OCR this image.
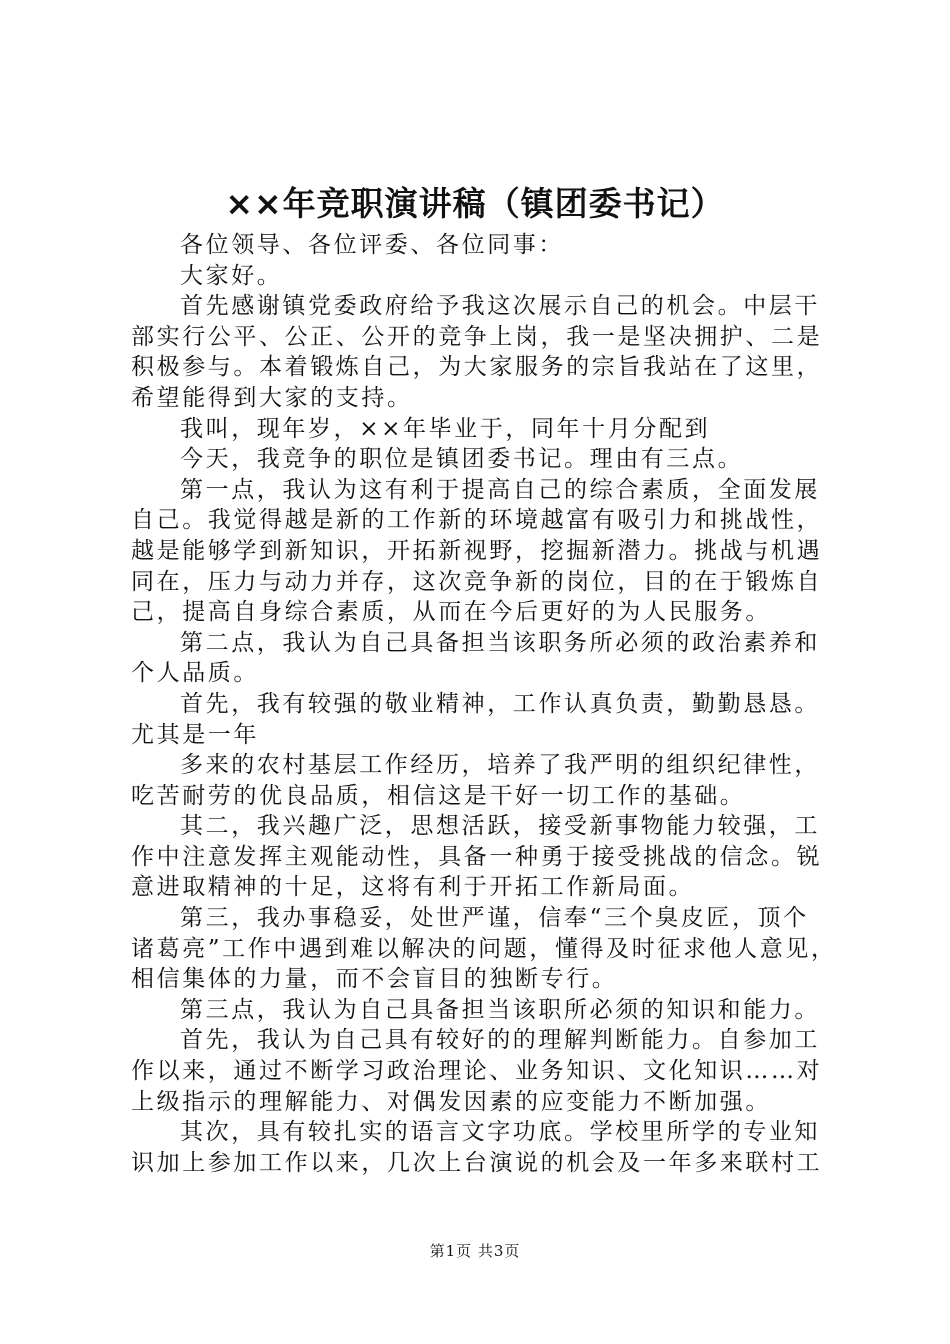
××年竞职演讲稿（镇团委书记）
各位领导、各位评委、各位同事：
大家好。
首先感谢镇党委政府给予我这次展示自己的机会。中层干
部实行公平、公正、公开的竞争上岗，我一是坚决拥护、二是
积极参与。本着锻炼自己，为大家服务的宗旨我站在了这里，
希望能得到大家的支持。
我叫，现年岁，××年毕业于，同年十月分配到
今天，我竞争的职位是镇团委书记。理由有三点。
第一点，我认为这有利于提高自己的综合素质，全面发展
自己。我觉得越是新的工作新的环境越富有吸引力和挑战性，
越是能够学到新知识，开拓新视野，挖掘新潜力。挑战与机遇
同在，压力与动力并存，这次竞争新的岗位，目的在于锻炼自
己，提高自身综合素质，从而在今后更好的为人民服务。
第二点，我认为自己具备担当该职务所必须的政治素养和
个人品质。
首先，我有较强的敬业精神，工作认真负责，勤勤恳恳。
尤其是一年
多来的农村基层工作经历，培养了我严明的组织纪律性，
吃苦耐劳的优良品质，相信这是干好一切工作的基础。
其二，我兴趣广泛，思想活跃，接受新事物能力较强，工
作中注意发挥主观能动性，具备一种勇于接受挑战的信念。锐
意进取精神的十足，这将有利于开拓工作新局面。
第三，我办事稳妥，处世严谨，信奉“三个臭皮匠，顶个
诸葛亮”工作中遇到难以解决的问题，懂得及时征求他人意见，
相信集体的力量，而不会盲目的独断专行。
第三点，我认为自己具备担当该职所必须的知识和能力。
首先，我认为自己具有较好的的理解判断能力。自参加工
作以来，通过不断学习政治理论、业务知识、文化知识……对
上级指示的理解能力、对偶发因素的应变能力不断加强。
其次，具有较扎实的语言文字功底。学校里所学的专业知
识加上参加工作以来，几次上台演说的机会及一年多来联村工
第1页 共3页
